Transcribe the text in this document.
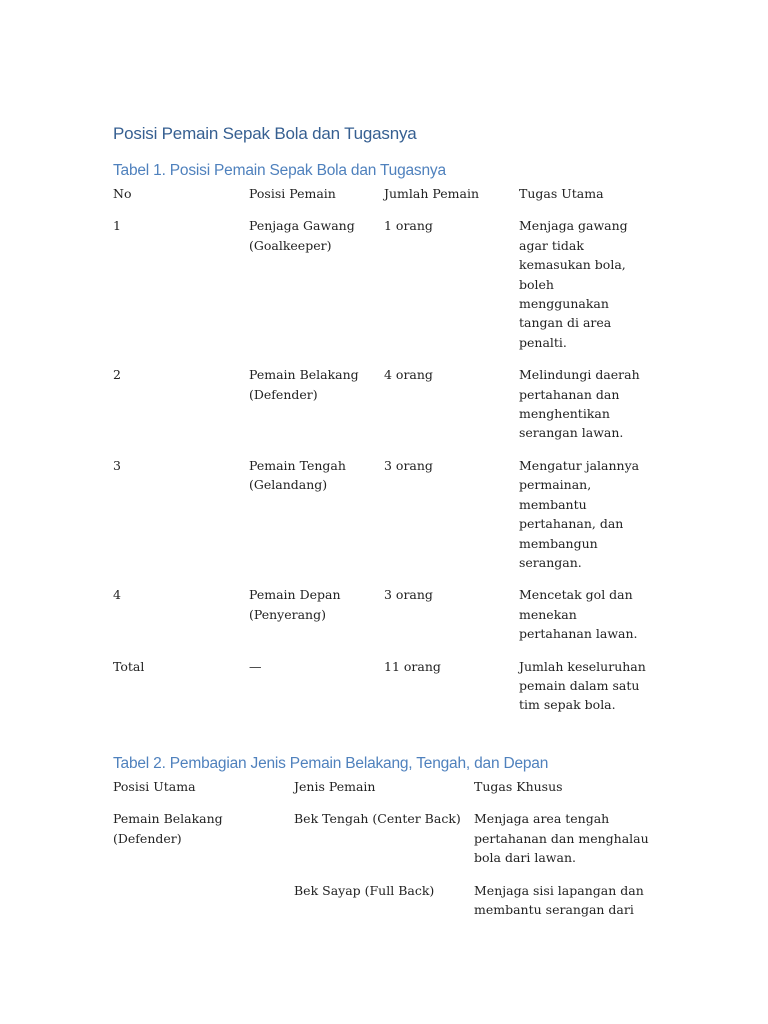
Posisi Pemain Sepak Bola dan Tugasnya
Tabel 1. Posisi Pemain Sepak Bola dan Tugasnya
No	Posisi Pemain	Jumlah Pemain	Tugas Utama
1	Penjaga Gawang (Goalkeeper)	1 orang	Menjaga gawang agar tidak kemasukan bola, boleh menggunakan tangan di area penalti.
2	Pemain Belakang (Defender)	4 orang	Melindungi daerah pertahanan dan menghentikan serangan lawan.
3	Pemain Tengah (Gelandang)	3 orang	Mengatur jalannya permainan, membantu pertahanan, dan membangun serangan.
4	Pemain Depan (Penyerang)	3 orang	Mencetak gol dan menekan pertahanan lawan.
Total	—	11 orang	Jumlah keseluruhan pemain dalam satu tim sepak bola.
Tabel 2. Pembagian Jenis Pemain Belakang, Tengah, dan Depan
Posisi Utama	Jenis Pemain	Tugas Khusus
Pemain Belakang (Defender)	Bek Tengah (Center Back)	Menjaga area tengah pertahanan dan menghalau bola dari lawan.
	Bek Sayap (Full Back)	Menjaga sisi lapangan dan membantu serangan dari
